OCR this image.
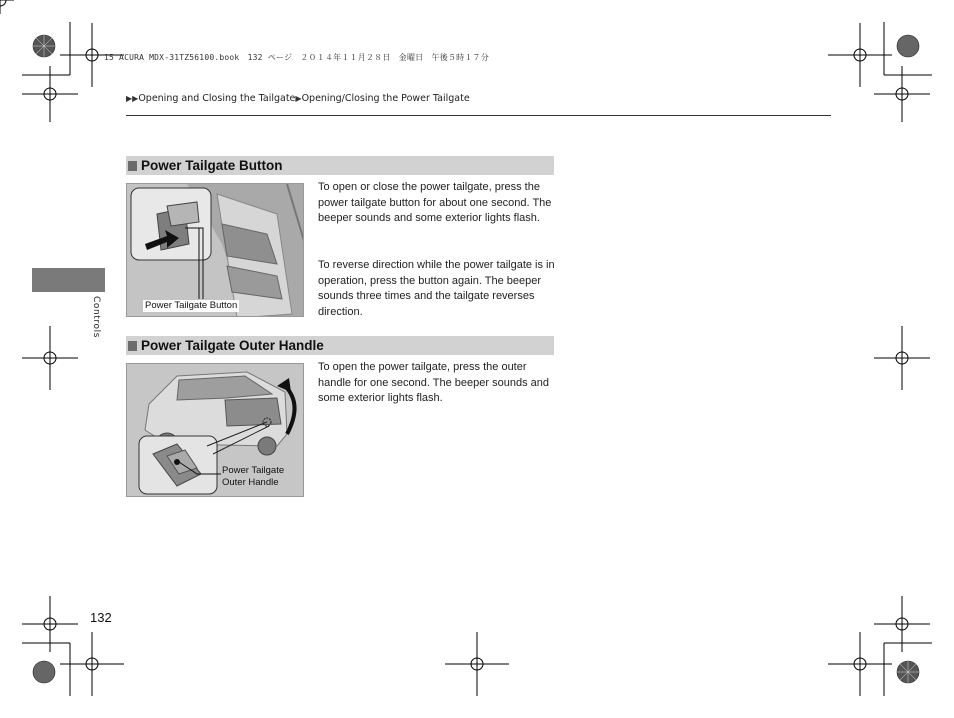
15 ACURA MDX-31TZ56100.book　132 ページ　２０１４年１１月２８日　金曜日　午後５時１７分
▶▶Opening and Closing the Tailgate▶Opening/Closing the Power Tailgate
Controls
Power Tailgate Button
Power Tailgate Button

To open or close the power tailgate, press the power tailgate button for about one second. The beeper sounds and some exterior lights flash.

To reverse direction while the power tailgate is in operation, press the button again. The beeper sounds three times and the tailgate reverses direction.

Power Tailgate Outer Handle
Power Tailgate
Outer Handle

To open the power tailgate, press the outer handle for one second. The beeper sounds and some exterior lights flash.

132
